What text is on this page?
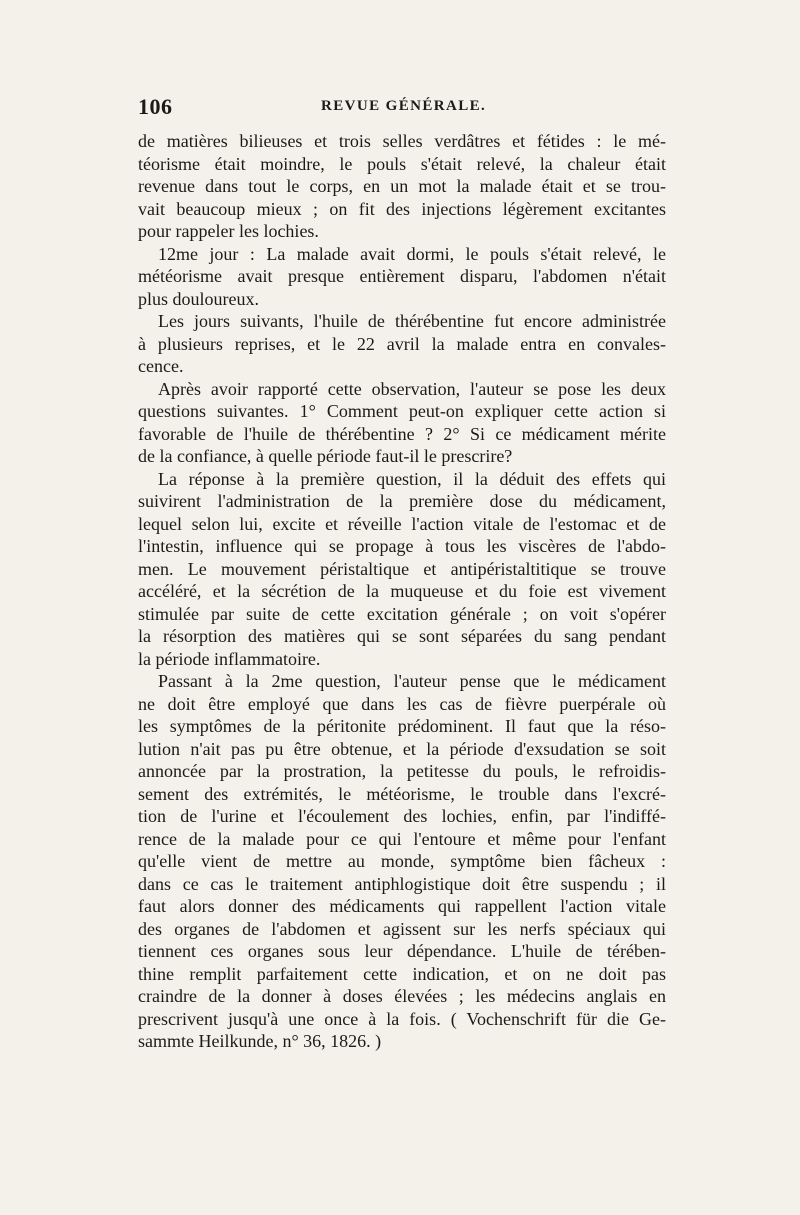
106	REVUE GÉNÉRALE.
de matières bilieuses et trois selles verdâtres et fétides : le mé-
téorisme était moindre, le pouls s'était relevé, la chaleur était
revenue dans tout le corps, en un mot la malade était et se trou-
vait beaucoup mieux ; on fit des injections légèrement excitantes
pour rappeler les lochies.
12me jour : La malade avait dormi, le pouls s'était relevé, le
météorisme avait presque entièrement disparu, l'abdomen n'était
plus douloureux.
Les jours suivants, l'huile de thérébentine fut encore administrée
à plusieurs reprises, et le 22 avril la malade entra en convales-
cence.
Après avoir rapporté cette observation, l'auteur se pose les deux
questions suivantes. 1° Comment peut-on expliquer cette action si
favorable de l'huile de thérébentine ? 2° Si ce médicament mérite
de la confiance, à quelle période faut-il le prescrire?
La réponse à la première question, il la déduit des effets qui
suivirent l'administration de la première dose du médicament,
lequel selon lui, excite et réveille l'action vitale de l'estomac et de
l'intestin, influence qui se propage à tous les viscères de l'abdo-
men. Le mouvement péristaltique et antipéristaltitique se trouve
accéléré, et la sécrétion de la muqueuse et du foie est vivement
stimulée par suite de cette excitation générale ; on voit s'opérer
la résorption des matières qui se sont séparées du sang pendant
la période inflammatoire.
Passant à la 2me question, l'auteur pense que le médicament
ne doit être employé que dans les cas de fièvre puerpérale où
les symptômes de la péritonite prédominent. Il faut que la réso-
lution n'ait pas pu être obtenue, et la période d'exsudation se soit
annoncée par la prostration, la petitesse du pouls, le refroidis-
sement des extrémités, le météorisme, le trouble dans l'excré-
tion de l'urine et l'écoulement des lochies, enfin, par l'indiffé-
rence de la malade pour ce qui l'entoure et même pour l'enfant
qu'elle vient de mettre au monde, symptôme bien fâcheux :
dans ce cas le traitement antiphlogistique doit être suspendu ; il
faut alors donner des médicaments qui rappellent l'action vitale
des organes de l'abdomen et agissent sur les nerfs spéciaux qui
tiennent ces organes sous leur dépendance. L'huile de térében-
thine remplit parfaitement cette indication, et on ne doit pas
craindre de la donner à doses élevées ; les médecins anglais en
prescrivent jusqu'à une once à la fois. ( Vochenschrift für die Ge-
sammte Heilkunde, n° 36, 1826. )
